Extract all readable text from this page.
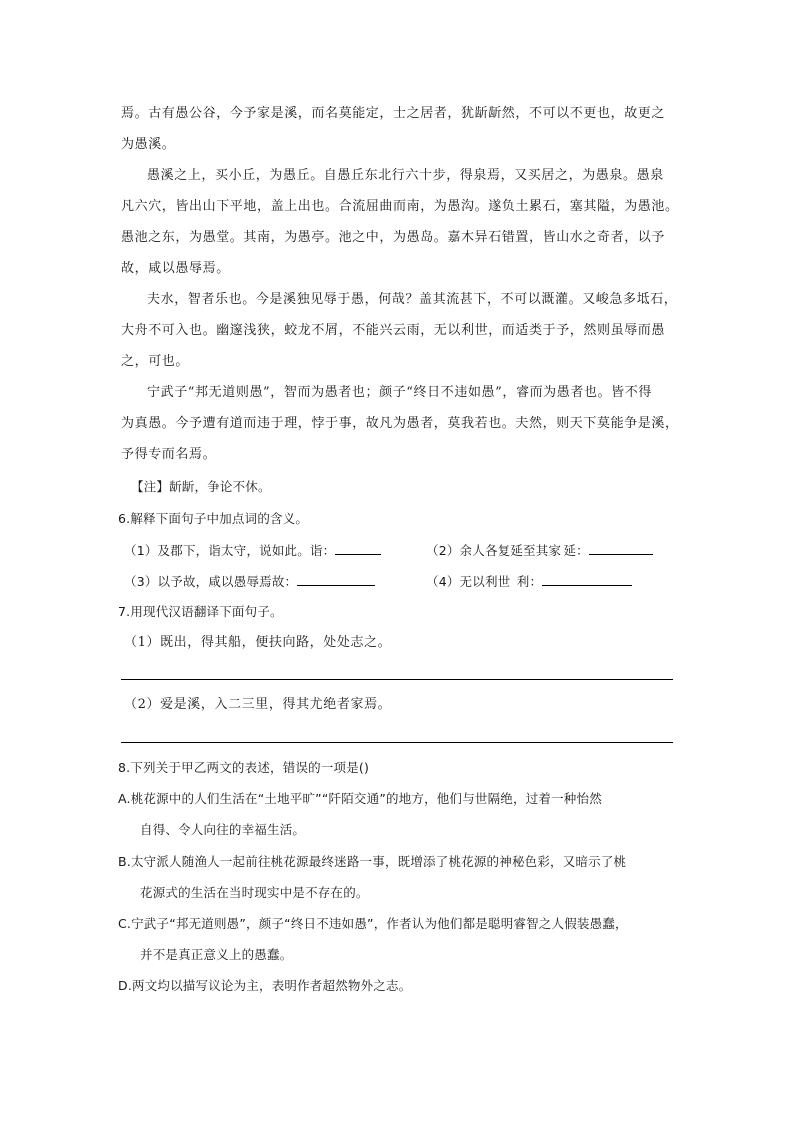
焉。古有愚公谷，今予家是溪，而名莫能定，士之居者，犹龂龂然，不可以不更也，故更之
为愚溪。
愚溪之上，买小丘，为愚丘。自愚丘东北行六十步，得泉焉，又买居之，为愚泉。愚泉
凡六穴，皆出山下平地，盖上出也。合流屈曲而南，为愚沟。遂负土累石，塞其隘，为愚池。
愚池之东，为愚堂。其南，为愚亭。池之中，为愚岛。嘉木异石错置，皆山水之奇者，以予
故，咸以愚辱焉。
夫水，智者乐也。今是溪独见辱于愚，何哉？盖其流甚下，不可以溉灌。又峻急多坻石，
大舟不可入也。幽邃浅狭，蛟龙不屑，不能兴云雨，无以利世，而适类于予，然则虽辱而愚
之，可也。
宁武子“邦无道则愚”，智而为愚者也；颜子“终日不违如愚”，睿而为愚者也。皆不得
为真愚。今予遭有道而违于理，悖于事，故凡为愚者，莫我若也。夫然，则天下莫能争是溪，
予得专而名焉。
【注】龂龂，争论不休。
6.解释下面句子中加点词的含义。
（1）及郡下，诣太守，说如此。诣：	（2）余人各复延至其家 延：
（3）以予故，咸以愚辱焉故：	（4）无以利世 利：
7.用现代汉语翻译下面句子。
（1）既出，得其船，便扶向路，处处志之。
（2）爱是溪，入二三里，得其尤绝者家焉。
8.下列关于甲乙两文的表述，错误的一项是()
A.桃花源中的人们生活在“土地平旷”“阡陌交通”的地方，他们与世隔绝，过着一种怡然
自得、令人向往的幸福生活。
B.太守派人随渔人一起前往桃花源最终迷路一事，既增添了桃花源的神秘色彩，又暗示了桃
花源式的生活在当时现实中是不存在的。
C.宁武子“邦无道则愚”，颜子“终日不违如愚”，作者认为他们都是聪明睿智之人假装愚蠢，
并不是真正意义上的愚蠢。
D.两文均以描写议论为主，表明作者超然物外之志。
